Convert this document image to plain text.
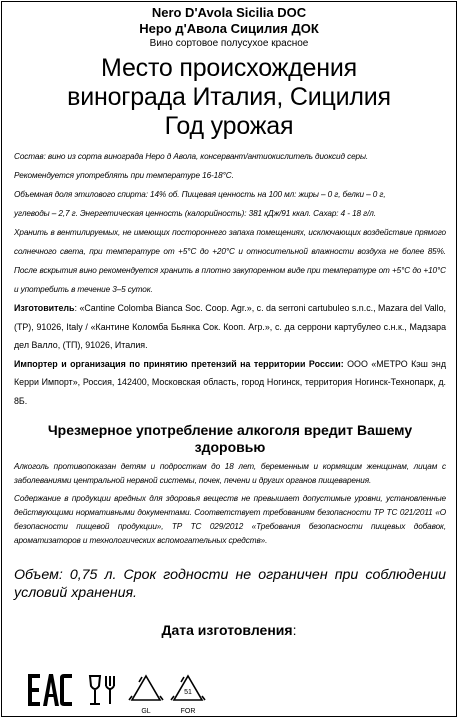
Nero D'Avola Sicilia DOC
Неро д'Авола Сицилия ДОК
Вино сортовое полусухое красное
Место происхождения
винограда Италия, Сицилия
Год урожая
Состав: вино из сорта винограда Неро д Авола, консервант/антиокислитель диоксид серы.
Рекомендуется употреблять при температуре 16-18°С.
Объемная доля этилового спирта: 14% об. Пищевая ценность на 100 мл: жиры – 0 г, белки – 0 г,
углеводы – 2,7 г. Энергетическая ценность (калорийность): 381 кДж/91 ккал. Сахар: 4 - 18 г/л.
Хранить в вентилируемых, не имеющих постороннего запаха помещениях, исключающих воздействие прямого солнечного света, при температуре от +5°С до +20°С и относительной влажности воздуха не более 85%. После вскрытия вино рекомендуется хранить в плотно закупоренном виде при температуре от +5°С до +10°С и употребить в течение 3–5 суток.
Изготовитель: «Cantine Colomba Bianca Soc. Coop. Agr.», c. da serroni cartubuleo s.n.c., Mazara del Vallo, (TP), 91026, Italy / «Кантине Коломба Бьянка Сок. Кооп. Агр.», с. да серрони картубулео с.н.к., Мадзара дел Валло, (ТП), 91026, Италия.
Импортер и организация по принятию претензий на территории России: ООО «МЕТРО Кэш энд Керри Импорт», Россия, 142400, Московская область, город Ногинск, территория Ногинск-Технопарк, д. 8Б.
Чрезмерное употребление алкоголя вредит Вашему здоровью
Алкоголь противопоказан детям и подросткам до 18 лет, беременным и кормящим женщинам, лицам с заболеваниями центральной нервной системы, почек, печени и других органов пищеварения.
Содержание в продукции вредных для здоровья веществ не превышает допустимые уровни, установленные действующими нормативными документами. Соответствует требованиям безопасности ТР ТС 021/2011 «О безопасности пищевой продукции», ТР ТС 029/2012 «Требования безопасности пищевых добавок, ароматизаторов и технологических вспомогательных средств».
Объем: 0,75 л. Срок годности не ограничен при соблюдении условий хранения.
Дата изготовления:
GL
51
FOR
